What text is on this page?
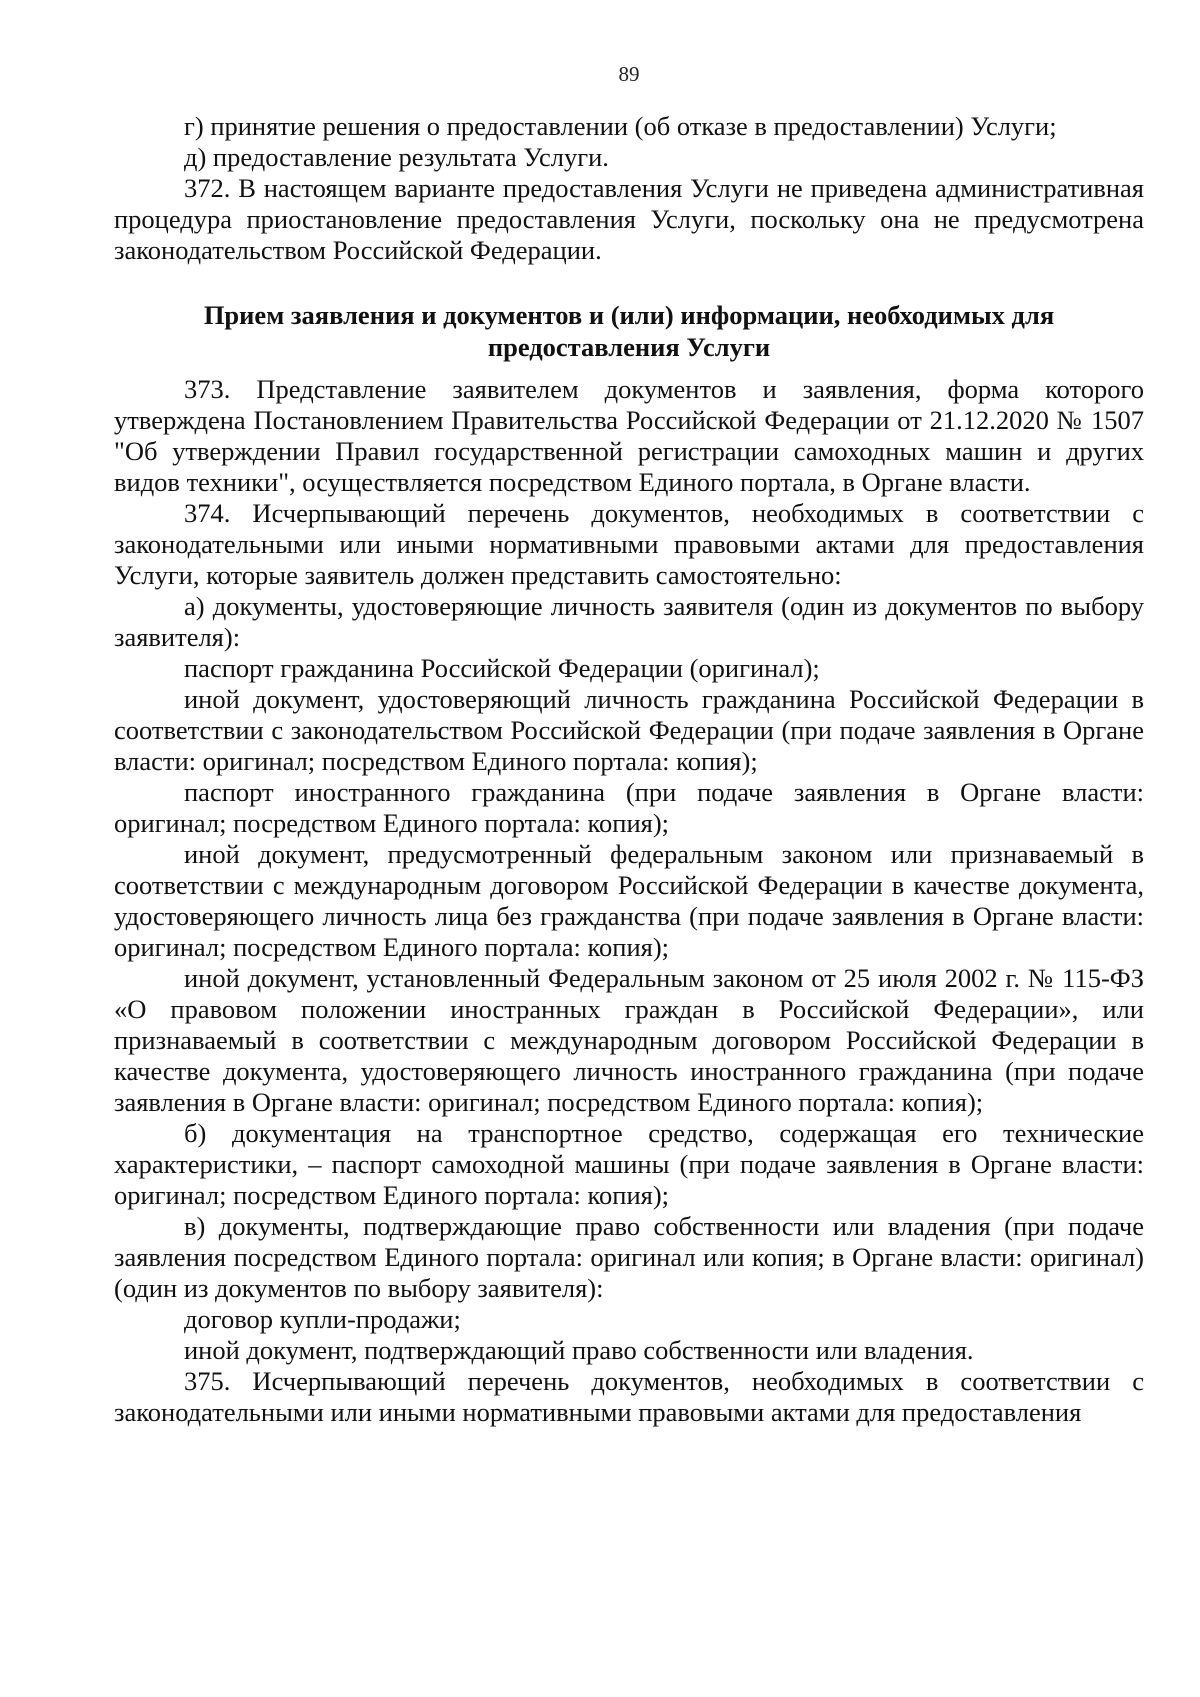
89

г) принятие решения о предоставлении (об отказе в предоставлении) Услуги;

д) предоставление результата Услуги.

372. В настоящем варианте предоставления Услуги не приведена административная процедура приостановление предоставления Услуги, поскольку она не предусмотрена законодательством Российской Федерации.

Прием заявления и документов и (или) информации, необходимых для
предоставления Услуги

373. Представление заявителем документов и заявления, форма которого утверждена Постановлением Правительства Российской Федерации от 21.12.2020 № 1507 "Об утверждении Правил государственной регистрации самоходных машин и других видов техники", осуществляется посредством Единого портала, в Органе власти.

374. Исчерпывающий перечень документов, необходимых в соответствии с законодательными или иными нормативными правовыми актами для предоставления Услуги, которые заявитель должен представить самостоятельно:

а) документы, удостоверяющие личность заявителя (один из документов по выбору заявителя):

паспорт гражданина Российской Федерации (оригинал);

иной документ, удостоверяющий личность гражданина Российской Федерации в соответствии с законодательством Российской Федерации (при подаче заявления в Органе власти: оригинал; посредством Единого портала: копия);

паспорт иностранного гражданина (при подаче заявления в Органе власти: оригинал; посредством Единого портала: копия);

иной документ, предусмотренный федеральным законом или признаваемый в соответствии с международным договором Российской Федерации в качестве документа, удостоверяющего личность лица без гражданства (при подаче заявления в Органе власти: оригинал; посредством Единого портала: копия);

иной документ, установленный Федеральным законом от 25 июля 2002 г. № 115-ФЗ «О правовом положении иностранных граждан в Российской Федерации», или признаваемый в соответствии с международным договором Российской Федерации в качестве документа, удостоверяющего личность иностранного гражданина (при подаче заявления в Органе власти: оригинал; посредством Единого портала: копия);

б) документация на транспортное средство, содержащая его технические характеристики, – паспорт самоходной машины (при подаче заявления в Органе власти: оригинал; посредством Единого портала: копия);

в) документы, подтверждающие право собственности или владения (при подаче заявления посредством Единого портала: оригинал или копия; в Органе власти: оригинал) (один из документов по выбору заявителя):

договор купли-продажи;

иной документ, подтверждающий право собственности или владения.

375. Исчерпывающий перечень документов, необходимых в соответствии с законодательными или иными нормативными правовыми актами для предоставления
